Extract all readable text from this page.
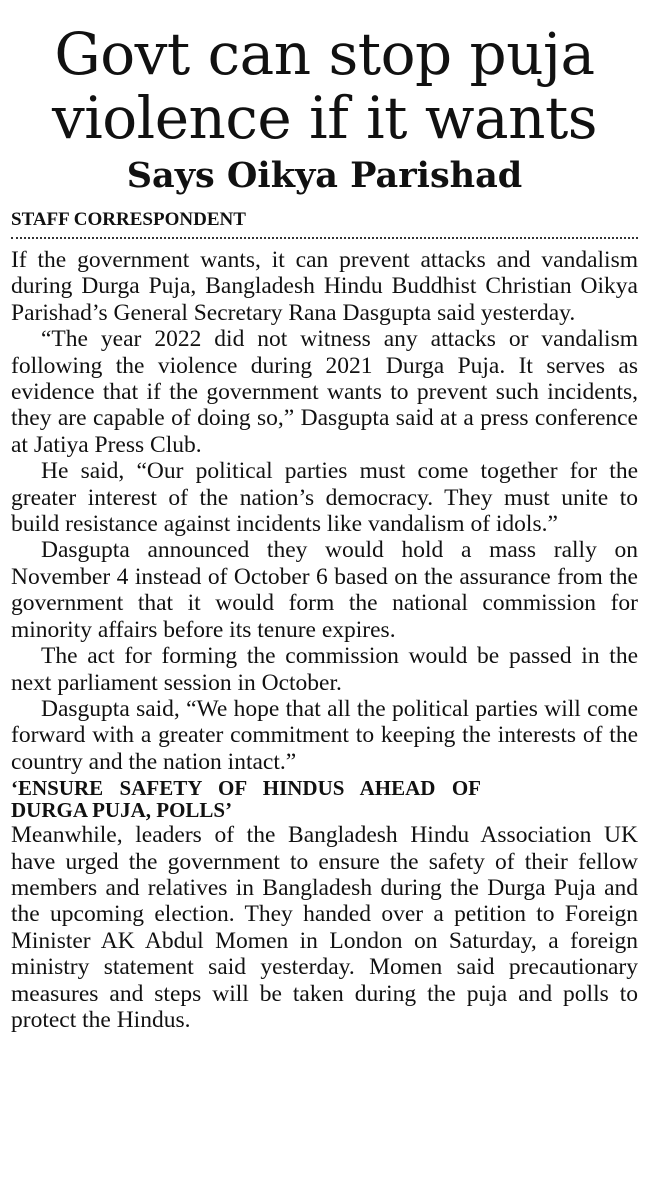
Govt can stop puja violence if it wants
Says Oikya Parishad
STAFF CORRESPONDENT

If the government wants, it can prevent attacks and vandalism during Durga Puja, Bangladesh Hindu Buddhist Christian Oikya Parishad’s General Secretary Rana Dasgupta said yesterday.

“The year 2022 did not witness any attacks or vandalism following the violence during 2021 Durga Puja. It serves as evidence that if the government wants to prevent such incidents, they are capable of doing so,” Dasgupta said at a press conference at Jatiya Press Club.

He said, “Our political parties must come together for the greater interest of the nation’s democracy. They must unite to build resistance against incidents like vandalism of idols.”

Dasgupta announced they would hold a mass rally on November 4 instead of October 6 based on the assurance from the government that it would form the national commission for minority affairs before its tenure expires.

The act for forming the commission would be passed in the next parliament session in October.

Dasgupta said, “We hope that all the political parties will come forward with a greater commitment to keeping the interests of the country and the nation intact.”

‘ENSURE SAFETY OF HINDUS AHEAD OF DURGA PUJA, POLLS’

Meanwhile, leaders of the Bangladesh Hindu Association UK have urged the government to ensure the safety of their fellow members and relatives in Bangladesh during the Durga Puja and the upcoming election. They handed over a petition to Foreign Minister AK Abdul Momen in London on Saturday, a foreign ministry statement said yesterday. Momen said precautionary measures and steps will be taken during the puja and polls to protect the Hindus.
